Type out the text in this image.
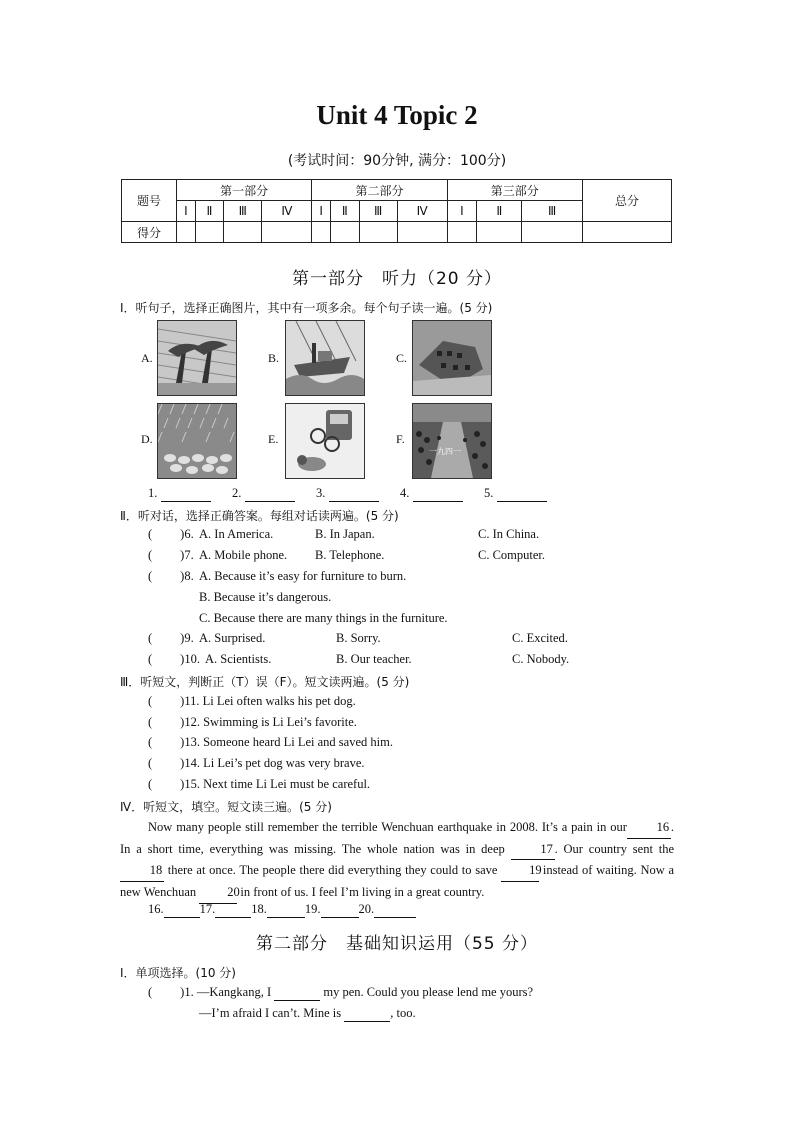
Unit 4 Topic 2
(考试时间：90分钟, 满分：100分)
题号	第一部分				第二部分				第三部分			总分
	Ⅰ	Ⅱ	Ⅲ	Ⅳ	Ⅰ	Ⅱ	Ⅲ	Ⅳ	Ⅰ	Ⅱ	Ⅲ	
得分												
第一部分　听力（20 分）
Ⅰ．听句子，选择正确图片，其中有一项多余。每个句子读一遍。(5 分)
A.	B.	C.
D.	E.	F.
一九四一
1.	2.	3.	4.	5.
Ⅱ．听对话，选择正确答案。每组对话读两遍。(5 分)
( )6. A. In America.	B. In Japan.	C. In China.
( )7. A. Mobile phone. B. Telephone.	C. Computer.
( )8. A. Because it’s easy for furniture to burn.
B. Because it’s dangerous.
C. Because there are many things in the furniture.
( )9. A. Surprised.	B. Sorry.	C. Excited.
( )10. A. Scientists.	B. Our teacher.	C. Nobody.
Ⅲ．听短文，判断正（T）误（F）。短文读两遍。(5 分)
( )11. Li Lei often walks his pet dog.
( )12. Swimming is Li Lei’s favorite.
( )13. Someone heard Li Lei and saved him.
( )14. Li Lei’s pet dog was very brave.
( )15. Next time Li Lei must be careful.
Ⅳ．听短文，填空。短文读三遍。(5 分)
Now many people still remember the terrible Wenchuan earthquake in 2008. It’s a pain in our 16 . In a short time, everything was missing. The whole nation was in deep	17 . Our country sent the 18 there at once. The people there did everything they could to save	19 instead of waiting. Now a new Wenchuan 20 in front of us. I feel I’m living in a great country.
16.	17.	18.	19.	20.
第二部分　基础知识运用（55 分）
Ⅰ．单项选择。(10 分)
( )1. —Kangkang, I	my pen. Could you please lend me yours?
—I’m afraid I can’t. Mine is	, too.
